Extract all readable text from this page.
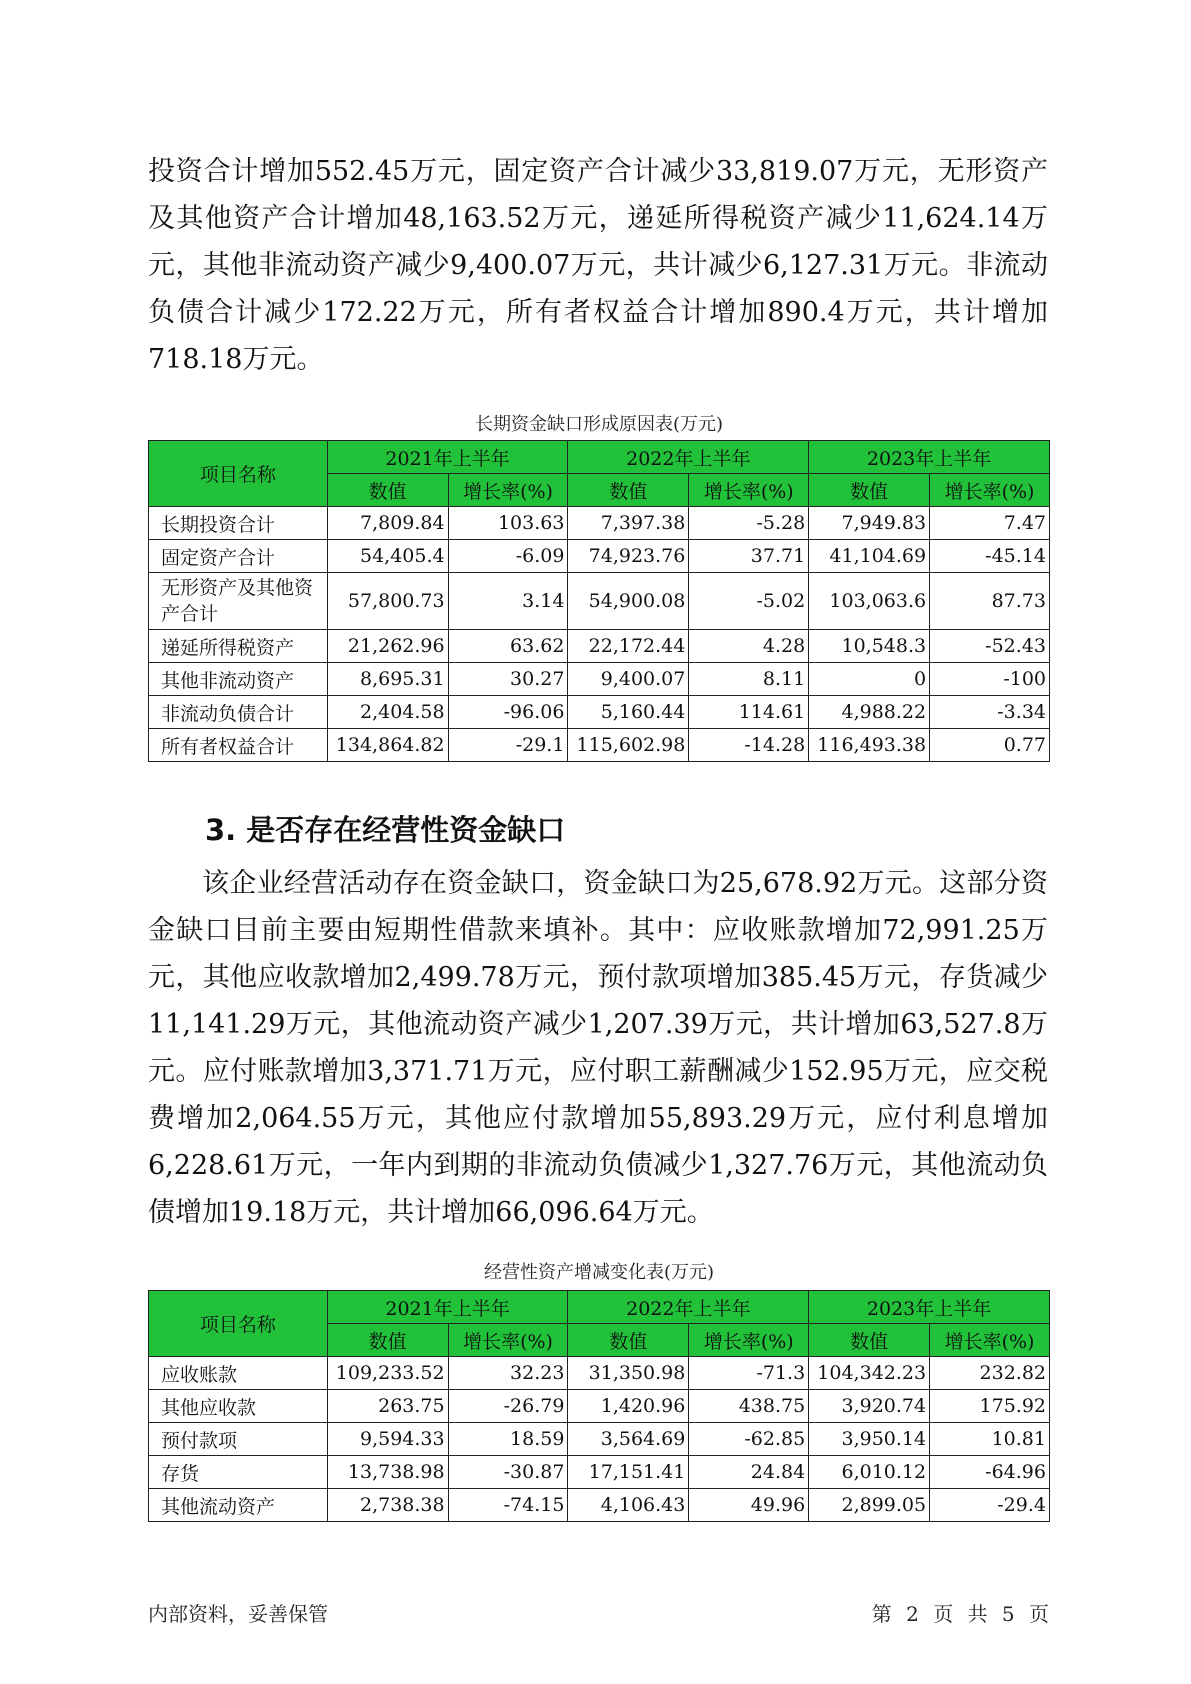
投资合计增加552.45万元，固定资产合计减少33,819.07万元，无形资产及其他资产合计增加48,163.52万元，递延所得税资产减少11,624.14万元，其他非流动资产减少9,400.07万元，共计减少6,127.31万元。非流动负债合计减少172.22万元，所有者权益合计增加890.4万元，共计增加718.18万元。

长期资金缺口形成原因表(万元)
项目名称	2021年上半年		2022年上半年		2023年上半年	
	数值	增长率(%)	数值	增长率(%)	数值	增长率(%)
长期投资合计	7,809.84	103.63	7,397.38	-5.28	7,949.83	7.47
固定资产合计	54,405.4	-6.09	74,923.76	37.71	41,104.69	-45.14
无形资产及其他资产合计	57,800.73	3.14	54,900.08	-5.02	103,063.6	87.73
递延所得税资产	21,262.96	63.62	22,172.44	4.28	10,548.3	-52.43
其他非流动资产	8,695.31	30.27	9,400.07	8.11	0	-100
非流动负债合计	2,404.58	-96.06	5,160.44	114.61	4,988.22	-3.34
所有者权益合计	134,864.82	-29.1	115,602.98	-14.28	116,493.38	0.77
3. 是否存在经营性资金缺口

该企业经营活动存在资金缺口，资金缺口为25,678.92万元。这部分资金缺口目前主要由短期性借款来填补。其中：应收账款增加72,991.25万元，其他应收款增加2,499.78万元，预付款项增加385.45万元，存货减少11,141.29万元，其他流动资产减少1,207.39万元，共计增加63,527.8万元。应付账款增加3,371.71万元，应付职工薪酬减少152.95万元，应交税费增加2,064.55万元，其他应付款增加55,893.29万元，应付利息增加6,228.61万元，一年内到期的非流动负债减少1,327.76万元，其他流动负债增加19.18万元，共计增加66,096.64万元。

经营性资产增减变化表(万元)
项目名称	2021年上半年		2022年上半年		2023年上半年	
	数值	增长率(%)	数值	增长率(%)	数值	增长率(%)
应收账款	109,233.52	32.23	31,350.98	-71.3	104,342.23	232.82
其他应收款	263.75	-26.79	1,420.96	438.75	3,920.74	175.92
预付款项	9,594.33	18.59	3,564.69	-62.85	3,950.14	10.81
存货	13,738.98	-30.87	17,151.41	24.84	6,010.12	-64.96
其他流动资产	2,738.38	-74.15	4,106.43	49.96	2,899.05	-29.4
内部资料，妥善保管	第 2 页 共 5 页
